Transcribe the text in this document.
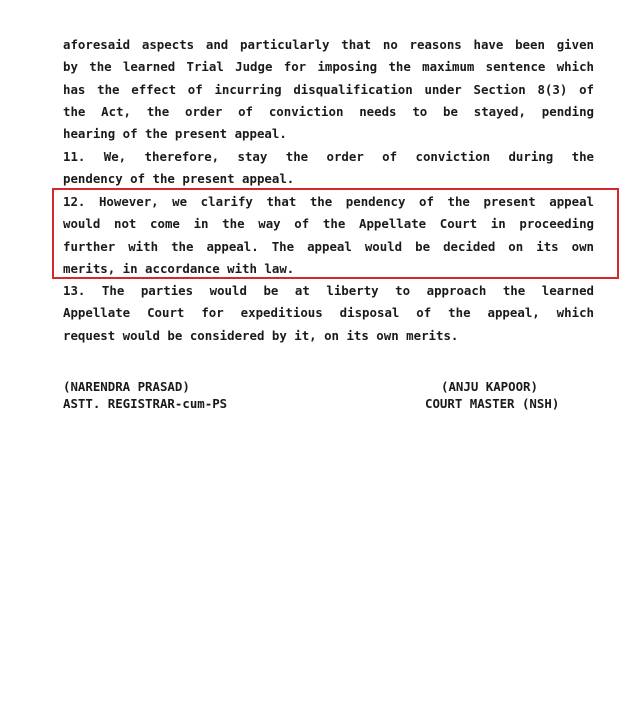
aforesaid aspects and particularly that no reasons have been given
by the learned Trial Judge for imposing the maximum sentence which
has the effect of incurring disqualification under Section 8(3) of
the Act, the order of conviction needs to be stayed, pending
hearing of the present appeal.
11. We, therefore, stay the order of conviction during the
pendency of the present appeal.
12. However, we clarify that the pendency of the present appeal
would not come in the way of the Appellate Court in proceeding
further with the appeal. The appeal would be decided on its own
merits, in accordance with law.
13. The parties would be at liberty to approach the learned
Appellate Court for expeditious disposal of the appeal, which
request would be considered by it, on its own merits.
(NARENDRA PRASAD)
ASTT. REGISTRAR-cum-PS
(ANJU KAPOOR)
COURT MASTER (NSH)
